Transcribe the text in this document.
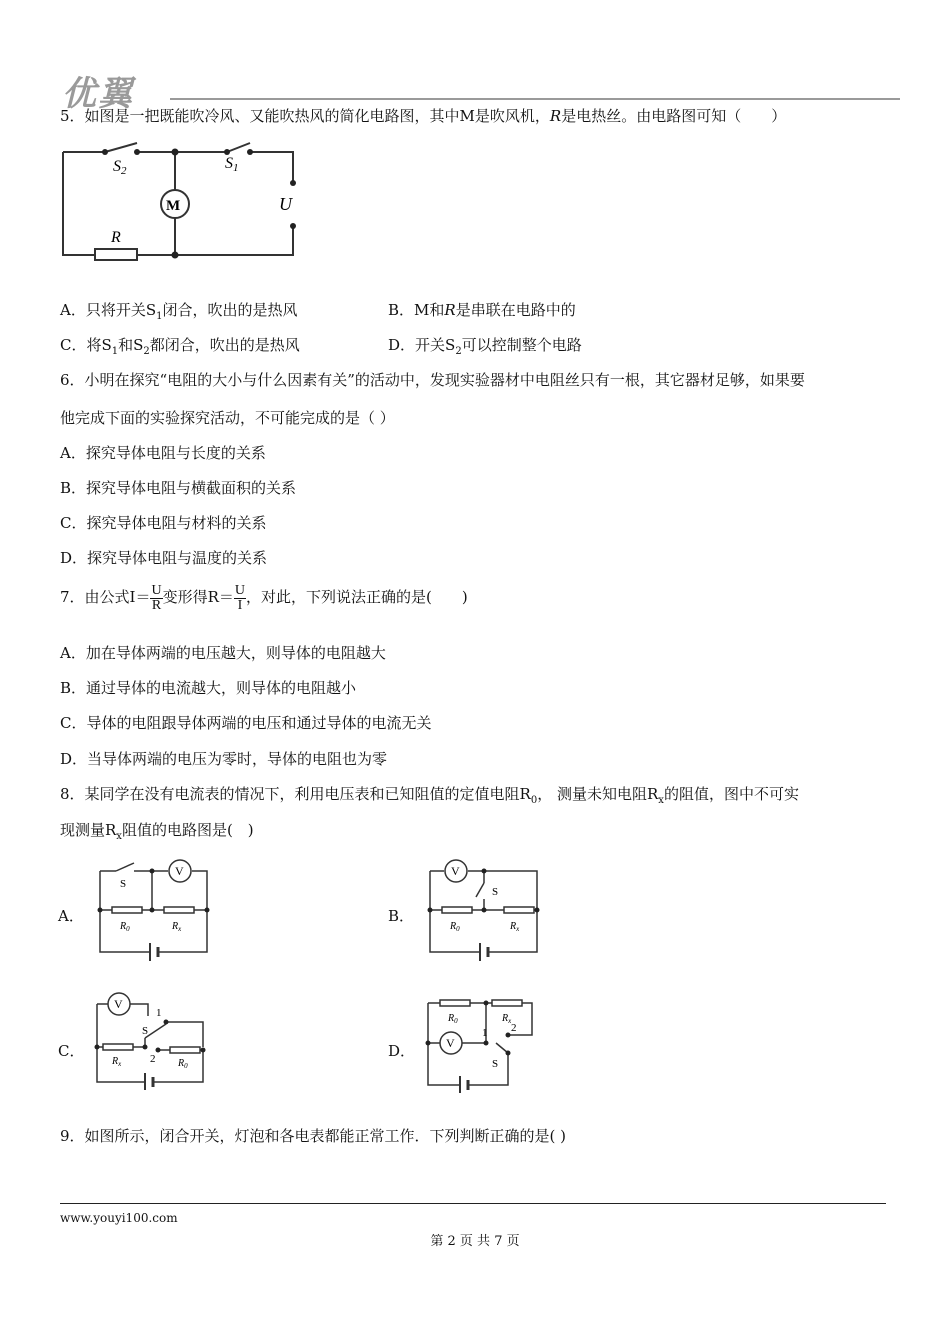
优翼
5．如图是一把既能吹冷风、又能吹热风的简化电路图，其中M是吹风机，R是电热丝。由电路图可知（　　）
S2	S1
M	U
R
A．只将开关$S_1$闭合，吹出的是热风	B．M和R是串联在电路中的
C．将$S_1$和$S_2$都闭合，吹出的是热风	D．开关$S_2$可以控制整个电路
6．小明在探究“电阻的大小与什么因素有关”的活动中，发现实验器材中电阻丝只有一根，其它器材足够，如果要
他完成下面的实验探究活动，不可能完成的是（ ）
A．探究导体电阻与长度的关系
B．探究导体电阻与横截面积的关系
C．探究导体电阻与材料的关系
D．探究导体电阻与温度的关系
7．由公式$I= \frac{U}{R}$ 变形得$R= \frac{U}{I}$ ，对此，下列说法正确的是(　　)
A．加在导体两端的电压越大，则导体的电阻越大
B．通过导体的电流越大，则导体的电阻越小
C．导体的电阻跟导体两端的电压和通过导体的电流无关
D．当导体两端的电压为零时，导体的电阻也为零
8．某同学在没有电流表的情况下，利用电压表和已知阻值的定值电阻$R_0$， 测量未知电阻$R_x$的阻值，图中不可实
现测量$R_x$阻值的电路图是(　)
A．
S
V
$R_0$	$R_x$
B．
S
V
$R_0$	$R_x$
C．
V
1
S
2
$R_x$	$R_0$
D．	V
1 2
S
$R_0$	$R_x$
9．如图所示，闭合开关，灯泡和各电表都能正常工作．下列判断正确的是( )
www.youyi100.com
第 2 页 共 7 页
